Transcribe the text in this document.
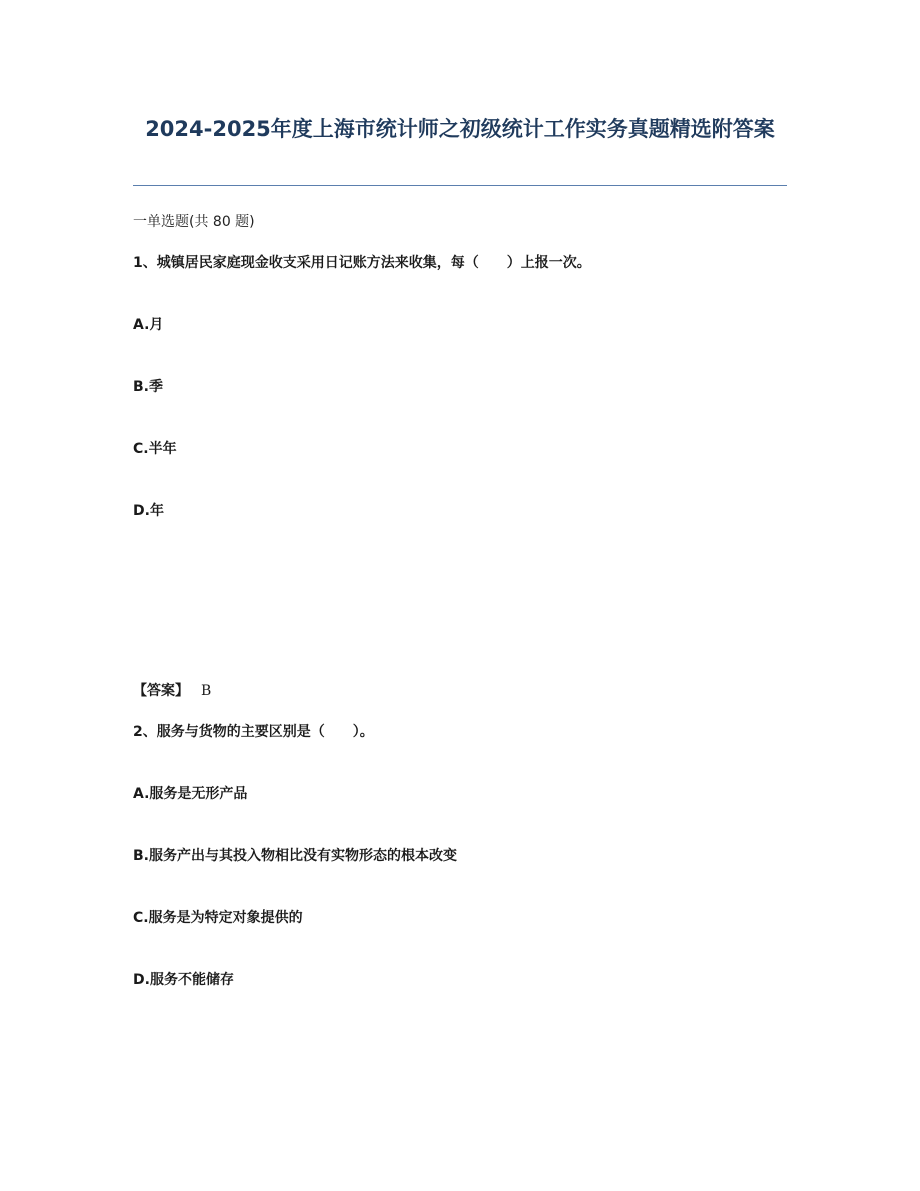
2024-2025年度上海市统计师之初级统计工作实务真题精选附答案
一单选题(共 80 题)
1、城镇居民家庭现金收支采用日记账方法来收集，每（　　）上报一次。
A.月
B.季
C.半年
D.年
【答案】 B
2、服务与货物的主要区别是（　　）。
A.服务是无形产品
B.服务产出与其投入物相比没有实物形态的根本改变
C.服务是为特定对象提供的
D.服务不能储存
